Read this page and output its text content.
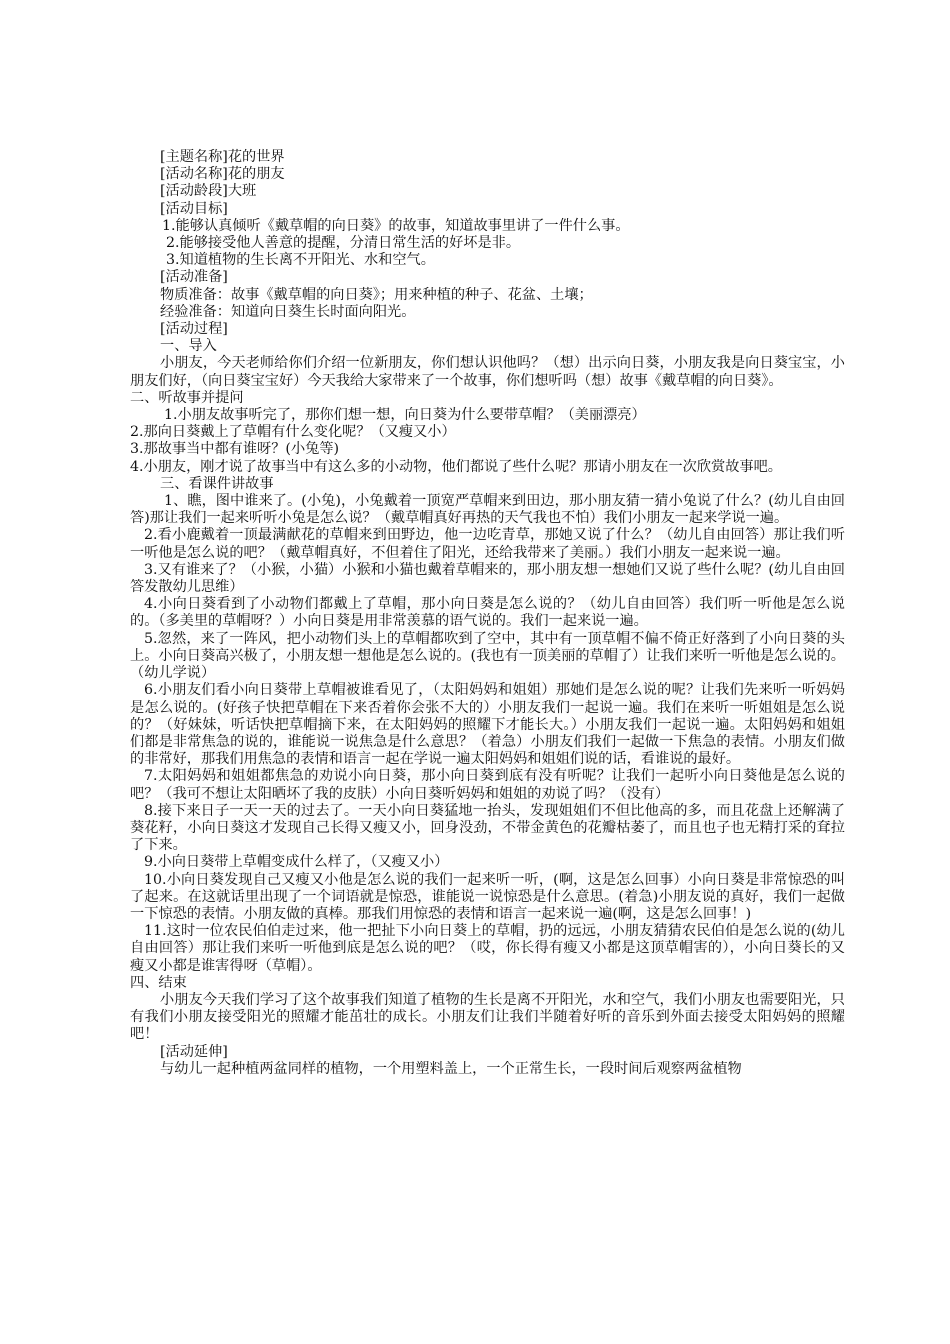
[主题名称]花的世界
[活动名称]花的朋友
[活动龄段]大班
[活动目标]
1.能够认真倾听《戴草帽的向日葵》的故事，知道故事里讲了一件什么事。
2.能够接受他人善意的提醒，分清日常生活的好坏是非。
3.知道植物的生长离不开阳光、水和空气。
[活动准备]
物质准备：故事《戴草帽的向日葵》；用来种植的种子、花盆、土壤；
经验准备：知道向日葵生长时面向阳光。
[活动过程]
一、导入
小朋友，今天老师给你们介绍一位新朋友，你们想认识他吗？（想）出示向日葵，小朋友我是向日葵宝宝，小朋友们好，（向日葵宝宝好）今天我给大家带来了一个故事，你们想听吗（想）故事《戴草帽的向日葵》。
二、听故事并提问
1.小朋友故事听完了，那你们想一想，向日葵为什么要带草帽？（美丽漂亮）
2.那向日葵戴上了草帽有什么变化呢？（又瘦又小）
3.那故事当中都有谁呀？(小兔等)
4.小朋友，刚才说了故事当中有这么多的小动物，他们都说了些什么呢？那请小朋友在一次欣赏故事吧。
三、看课件讲故事
1、瞧，图中谁来了。(小兔)，小兔戴着一顶宽严草帽来到田边，那小朋友猜一猜小兔说了什么？(幼儿自由回答)那让我们一起来听听小兔是怎么说？（戴草帽真好再热的天气我也不怕）我们小朋友一起来学说一遍。
2.看小鹿戴着一顶最满献花的草帽来到田野边，他一边吃青草，那她又说了什么？（幼儿自由回答）那让我们听一听他是怎么说的吧？（戴草帽真好，不但着住了阳光，还给我带来了美丽。）我们小朋友一起来说一遍。
3.又有谁来了？（小猴，小猫）小猴和小猫也戴着草帽来的，那小朋友想一想她们又说了些什么呢？(幼儿自由回答发散幼儿思维）
4.小向日葵看到了小动物们都戴上了草帽，那小向日葵是怎么说的？（幼儿自由回答）我们听一听他是怎么说的。（多美里的草帽呀？）小向日葵是用非常羡慕的语气说的。我们一起来说一遍。
5.忽然，来了一阵风，把小动物们头上的草帽都吹到了空中，其中有一顶草帽不偏不倚正好落到了小向日葵的头上。小向日葵高兴极了，小朋友想一想他是怎么说的。(我也有一顶美丽的草帽了）让我们来听一听他是怎么说的。（幼儿学说）
6.小朋友们看小向日葵带上草帽被谁看见了，（太阳妈妈和姐姐）那她们是怎么说的呢？让我们先来听一听妈妈是怎么说的。(好孩子快把草帽在下来否着你会张不大的）小朋友我们一起说一遍。我们在来听一听姐姐是怎么说的？（好妹妹，听话快把草帽摘下来，在太阳妈妈的照耀下才能长大。）小朋友我们一起说一遍。太阳妈妈和姐姐们都是非常焦急的说的，谁能说一说焦急是什么意思？（着急）小朋友们我们一起做一下焦急的表情。小朋友们做的非常好，那我们用焦急的表情和语言一起在学说一遍太阳妈妈和姐姐们说的话，看谁说的最好。
7.太阳妈妈和姐姐都焦急的劝说小向日葵，那小向日葵到底有没有听呢？让我们一起听小向日葵他是怎么说的吧？（我可不想让太阳晒坏了我的皮肤）小向日葵听妈妈和姐姐的劝说了吗？（没有）
8.接下来日子一天一天的过去了。一天小向日葵猛地一抬头，发现姐姐们不但比他高的多，而且花盘上还解满了葵花籽，小向日葵这才发现自己长得又瘦又小，回身没劲，不带金黄色的花瓣枯萎了，而且也子也无精打采的耷拉了下来。
9.小向日葵带上草帽变成什么样了，（又瘦又小）
10.小向日葵发现自己又瘦又小他是怎么说的我们一起来听一听，(啊，这是怎么回事）小向日葵是非常惊恐的叫了起来。在这就话里出现了一个词语就是惊恐，谁能说一说惊恐是什么意思。(着急)小朋友说的真好，我们一起做一下惊恐的表情。小朋友做的真棒。那我们用惊恐的表情和语言一起来说一遍(啊，这是怎么回事！)
11.这时一位农民伯伯走过来，他一把扯下小向日葵上的草帽，扔的远远，小朋友猜猜农民伯伯是怎么说的(幼儿自由回答）那让我们来听一听他到底是怎么说的吧？（哎，你长得有瘦又小都是这顶草帽害的），小向日葵长的又瘦又小都是谁害得呀（草帽）。
四、结束
小朋友今天我们学习了这个故事我们知道了植物的生长是离不开阳光，水和空气，我们小朋友也需要阳光，只有我们小朋友接受阳光的照耀才能茁壮的成长。小朋友们让我们半随着好听的音乐到外面去接受太阳妈妈的照耀吧！
[活动延伸]
与幼儿一起种植两盆同样的植物，一个用塑料盖上，一个正常生长，一段时间后观察两盆植物
